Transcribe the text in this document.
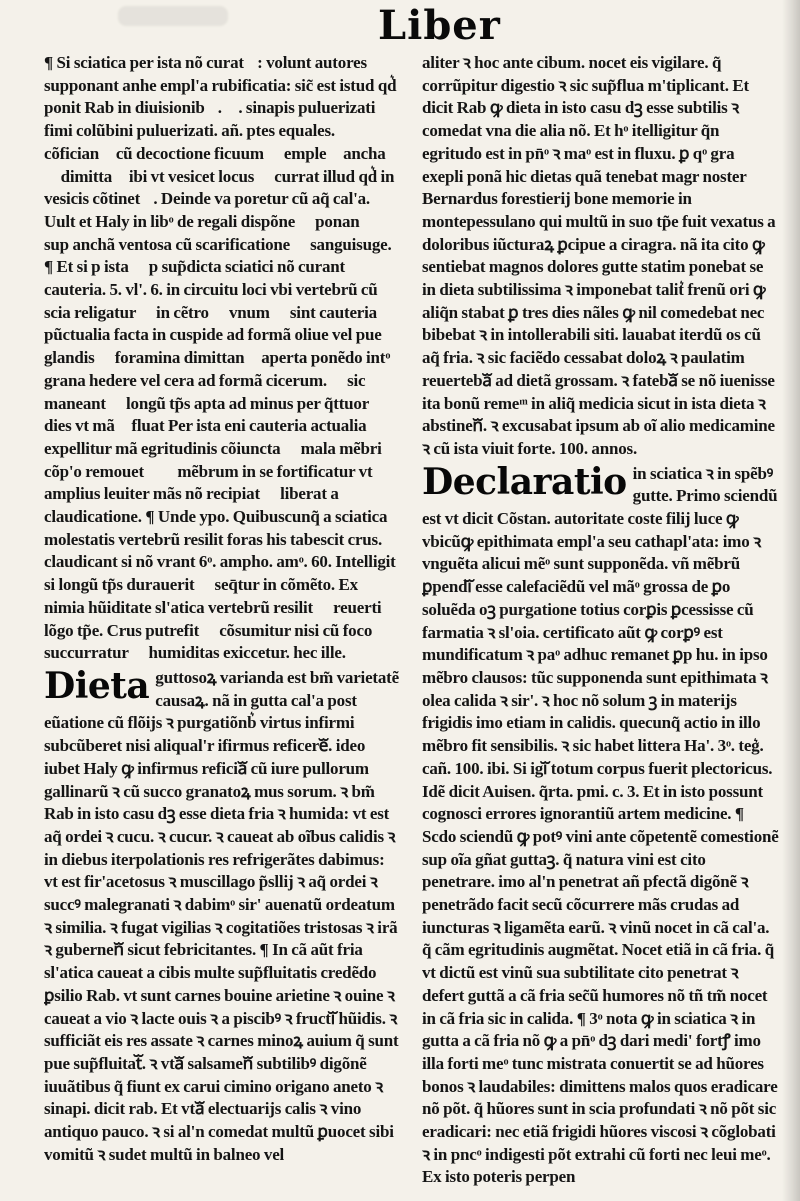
Liber

¶ Si sciatica per ista nõ curatᷓ: volunt autores ꝙ supponant anhe empl'a rubificatia: sic̃ est istud qd͛ ponit Rab in diuisionibꝰ. ℞. sinapis puluerizati fimi colũbini puluerizati. añ. ptes equales. cõficianᷓ cũ decoctione ficuum ꝛ empleᷓ ancha ꝛ dimittaᷓ ibi vt vesicet locus ꝛ currat illud qd͛ in vesicis cõtinetᷓ. Deinde va poretur cũ aq̃ cal'a. Uult et Haly in libͦ de regali dispõne ꝙ ponanᷓ sup anchã ventosa cũ scarificatione ꝛ sanguisuge. ¶ Et si p ista ꝛ p sup̃dicta sciatici nõ curant ℞ cauteria. 5. vl'. 6. in circuitu loci vbi vertebrũ cũ scia religatur ꝛ in cẽtro ℞ vnum ꝛ sint cauteria pũctualia facta in cuspide ad formã oliue vel pue glandis ꝛ foramina dimittanᷓ aperta ponẽdo intͦ grana hedere vel cera ad formã cicerum. ꝛ sic maneant ꝑ longũ tp̃s apta ad minus per q̃ttuor dies vt mãᷓ fluat Per ista eni cauteria actualia expellitur mã egritudinis cõiuncta ꝛ mala mẽbri cõp'o remouetᷓ ꝛ mẽbrum in se fortificatur vt amplius leuiter mãs nõ recipiat ꝛ liberat a claudicatione. ¶ Unde ypo. Quibuscunq̃ a sciatica molestatis vertebrũ resilit foras his tabescit crus. ꝛ claudicant si nõ vrant 6ͦ. ampho. amͦ. 60. Intelligit si longũ tp̃s durauerit ꝛ seq̄tur in cõmẽto. Ex nimia hũiditate sl'atica vertebrũ resilit ꝛ reuertiᷓ lõgo tp̃e. Crus putrefit ꝛ cõsumitur nisi cũ foco succurratur ꝛ humiditas exiccetur. hec ille.

Dieta guttosoꝝ varianda est bm̃ varietatẽ causaꝝ. nã in gutta cal'a post eũatione cũ flõijs ꝛ purgatiõnb͛ virtus infirmi subcũberet nisi aliqual'r ifirmus reficereᷓ. ideo iubet Haly ꝙ infirmus reficiaᷓ cũ iure pullorum gallinarũ ꝛ cũ succo granatoꝝ mus sorum. ꝛ bm̃ Rab in isto casu dꝫ esse dieta fria ꝛ humida: vt est aq̃ ordei ꝛ cucu. ꝛ cucur. ꝛ caueat ab oĩbus calidis ꝛ in diebus iterpolationis res refrigerãtes dabimus: vt est fir'acetosus ꝛ muscillago p̃sllij ꝛ aq̃ ordei ꝛ succꝰ malegranati ꝛ dabimͦ sir' auenatũ ordeatum ꝛ similia. ꝛ fugat vigilias ꝛ cogitatiões tristosas ꝛ irã ꝛ gubernenᷓ sicut febricitantes. ¶ In cã aũt fria sl'atica caueat a cibis multe sup̃fluitatis credẽdo ꝑsilio Rab. vt sunt carnes bouine arietine ꝛ ouine ꝛ caueat a vio ꝛ lacte ouis ꝛ a piscibꝰ ꝛ fructiᷓ hũidis. ꝛ sufficiãt eis res assate ꝛ carnes minoꝝ auium q̃ sunt pue sup̃fluitatᷓ. ꝛ vtaᷓ salsamenᷓ subtilibꝰ digõnẽ iuuãtibus q̃ fiunt ex carui cimino origano aneto ꝛ sinapi. dicit rab. Et vtaᷓ electuarijs calis ꝛ vino antiquo pauco. ꝛ si al'n comedat multũ ꝑuocet sibi vomitũ ꝛ sudet multũ in balneo vel

aliter ꝛ hoc ante cibum. nocet eis vigilare. q̃ corrũpitur digestio ꝛ sic sup̃flua m'tiplicant. Et dicit Rab ꝙ dieta in isto casu dꝫ esse subtilis ꝛ comedat vna die alia nõ. Et hͦ itelligitur q̃n egritudo est in pn̄ͦ ꝛ maͦ est in fluxu. ꝑ qͦ gra exepli ponã hic dietas quã tenebat magr noster Bernardus forestierij bone memorie in montepessulano qui multũ in suo tp̃e fuit vexatus a doloribus iũcturaꝝ ꝑcipue a ciragra. nã ita cito ꝙ sentiebat magnos dolores gutte statim ponebat se in dieta subtilissima ꝛ imponebat talit͛ frenũ ori ꝙ aliq̃n stabat ꝑ tres dies nãles ꝙ nil comedebat nec bibebat ꝛ in intollerabili siti. lauabat iterdũ os cũ aq̃ fria. ꝛ sic faciẽdo cessabat doloꝝ ꝛ paulatim reuertebaᷓ ad dietã grossam. ꝛ fatebaᷓ se nõ iuenisse ita bonũ remeͫ in aliq̃ medicia sicut in ista dieta ꝛ abstinenᷓ. ꝛ excusabat ipsum ab oĩ alio medicamine ꝛ cũ ista viuit forte. 100. annos.

Declaratio in sciatica ꝛ in spẽbꝰ gutte. Primo sciendũ est vt dicit Cõstan. autoritate coste filij luce ꝙ vbicũꝙ epithimata empl'a seu cathapl'ata: imo ꝛ vnguẽta alicui mẽͦ sunt supponẽda. vñ mẽbrũ ꝑpendiᷓ esse calefaciẽdũ vel mãͦ grossa de ꝑo soluẽda oꝫ purgatione totius corꝑis ꝑcessisse cũ farmatia ꝛ sl'oia. certificato aũt ꝙ corꝑꝰ est mundificatum ꝛ paͦ adhuc remanet ꝑp hu. in ipso mẽbro clausos: tũc supponenda sunt epithimata ꝛ olea calida ꝛ sir'. ꝛ hoc nõ solum ꝫ in materijs frigidis imo etiam in calidis. quecunq̃ actio in illo mẽbro fit sensibilis. ꝛ sic habet littera Ha'. 3ͦ. teg͛. cañ. 100. ibi. Si igiᷓ totum corpus fuerit plectoricus. Idẽ dicit Auisen. q̃rta. pmi. c. 3. Et in isto possunt cognosci errores ignorantiũ artem medicine. ¶ Scdo sciendũ ꝙ potꝰ vini ante cõpetentẽ comestionẽ sup oĩa gñat guttaꝫ. q̃ natura vini est cito penetrare. imo al'n penetrat añ pfectã digõnẽ ꝛ penetrãdo facit secũ cõcurrere mãs crudas ad iuncturas ꝛ ligamẽta earũ. ꝛ vinũ nocet in cã cal'a. q̃ cãm egritudinis augmẽtat. Nocet etiã in cã fria. q̃ vt dictũ est vinũ sua subtilitate cito penetrat ꝛ defert guttã a cã fria sec̃ũ humores nõ tñ tm̃ nocet in cã fria sic in calida. ¶ 3ͦ nota ꝙ in sciatica ꝛ in gutta a cã fria nõ ꝙ a pn̄ͦ dꝫ dari medi' fortꝭ imo illa forti meͦ tunc mistrata conuertit se ad hũores bonos ꝛ laudabiles: dimittens malos quos eradicare nõ põt. q̃ hũores sunt in scia profundati ꝛ nõ põt sic eradicari: nec etiã frigidi hũores viscosi ꝛ cõglobati ꝛ in pncͦ indigesti põt extrahi cũ forti nec leui meͦ. Ex isto poteris perpen
